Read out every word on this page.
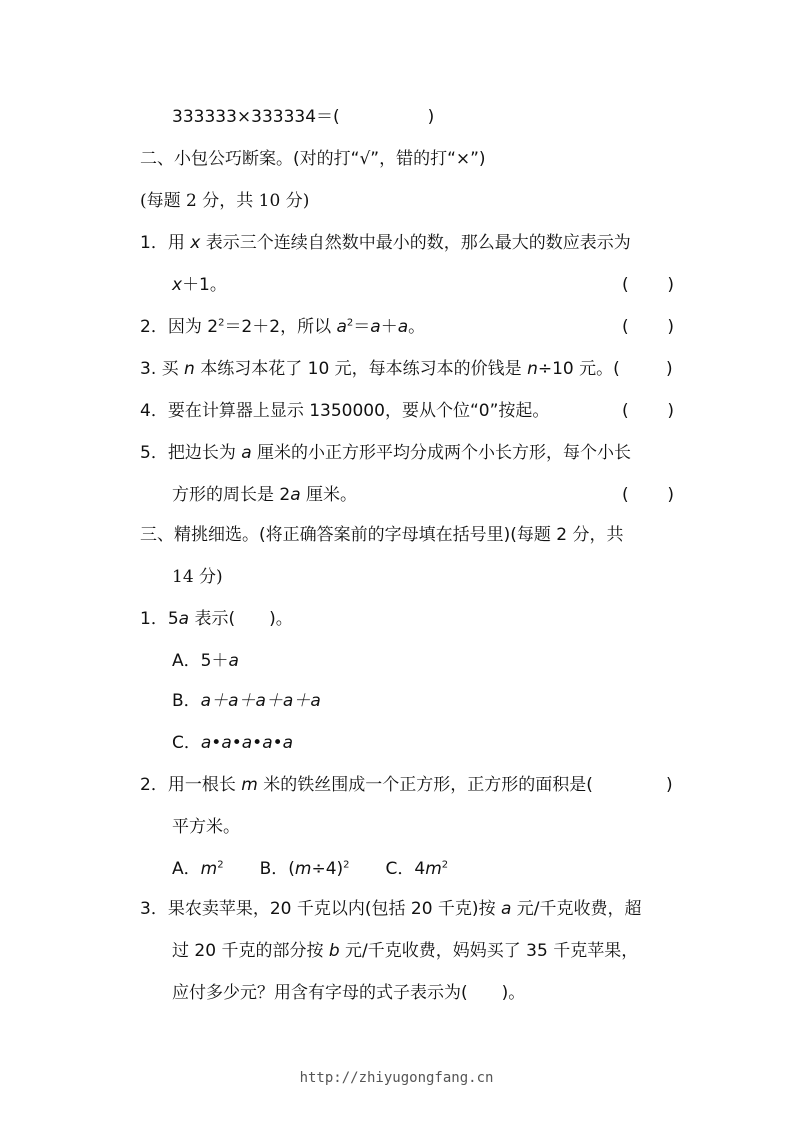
333333×333334＝(	)
二、小包公巧断案。(对的打“√”，错的打“×”)
(每题 2 分，共 10 分)
1．用 x 表示三个连续自然数中最小的数，那么最大的数应表示为
x＋1。	( )
2．因为 $2^2=2+2$，所以 $a^2=a+a$。	( )
3. 买 n 本练习本花了 10 元，每本练习本的价钱是 n÷10 元。(	)
4．要在计算器上显示 1350000，要从个位“0”按起。	( )
5．把边长为 a 厘米的小正方形平均分成两个小长方形，每个小长
方形的周长是 2a 厘米。	( )
三、精挑细选。(将正确答案前的字母填在括号里)(每题 2 分，共
14 分)
1．5a 表示(　　)。
A．5＋a
B．a＋a＋a＋a＋a
C．a•a•a•a•a
2．用一根长 m 米的铁丝围成一个正方形，正方形的面积是(	)
平方米。
A．$m^2$ B．$(m\div 4)^2$ C．$4m^2$
3．果农卖苹果，20 千克以内(包括 20 千克)按 a 元/千克收费，超
过 20 千克的部分按 b 元/千克收费，妈妈买了 35 千克苹果，
应付多少元？用含有字母的式子表示为(　　)。
http://zhiyugongfang.cn
